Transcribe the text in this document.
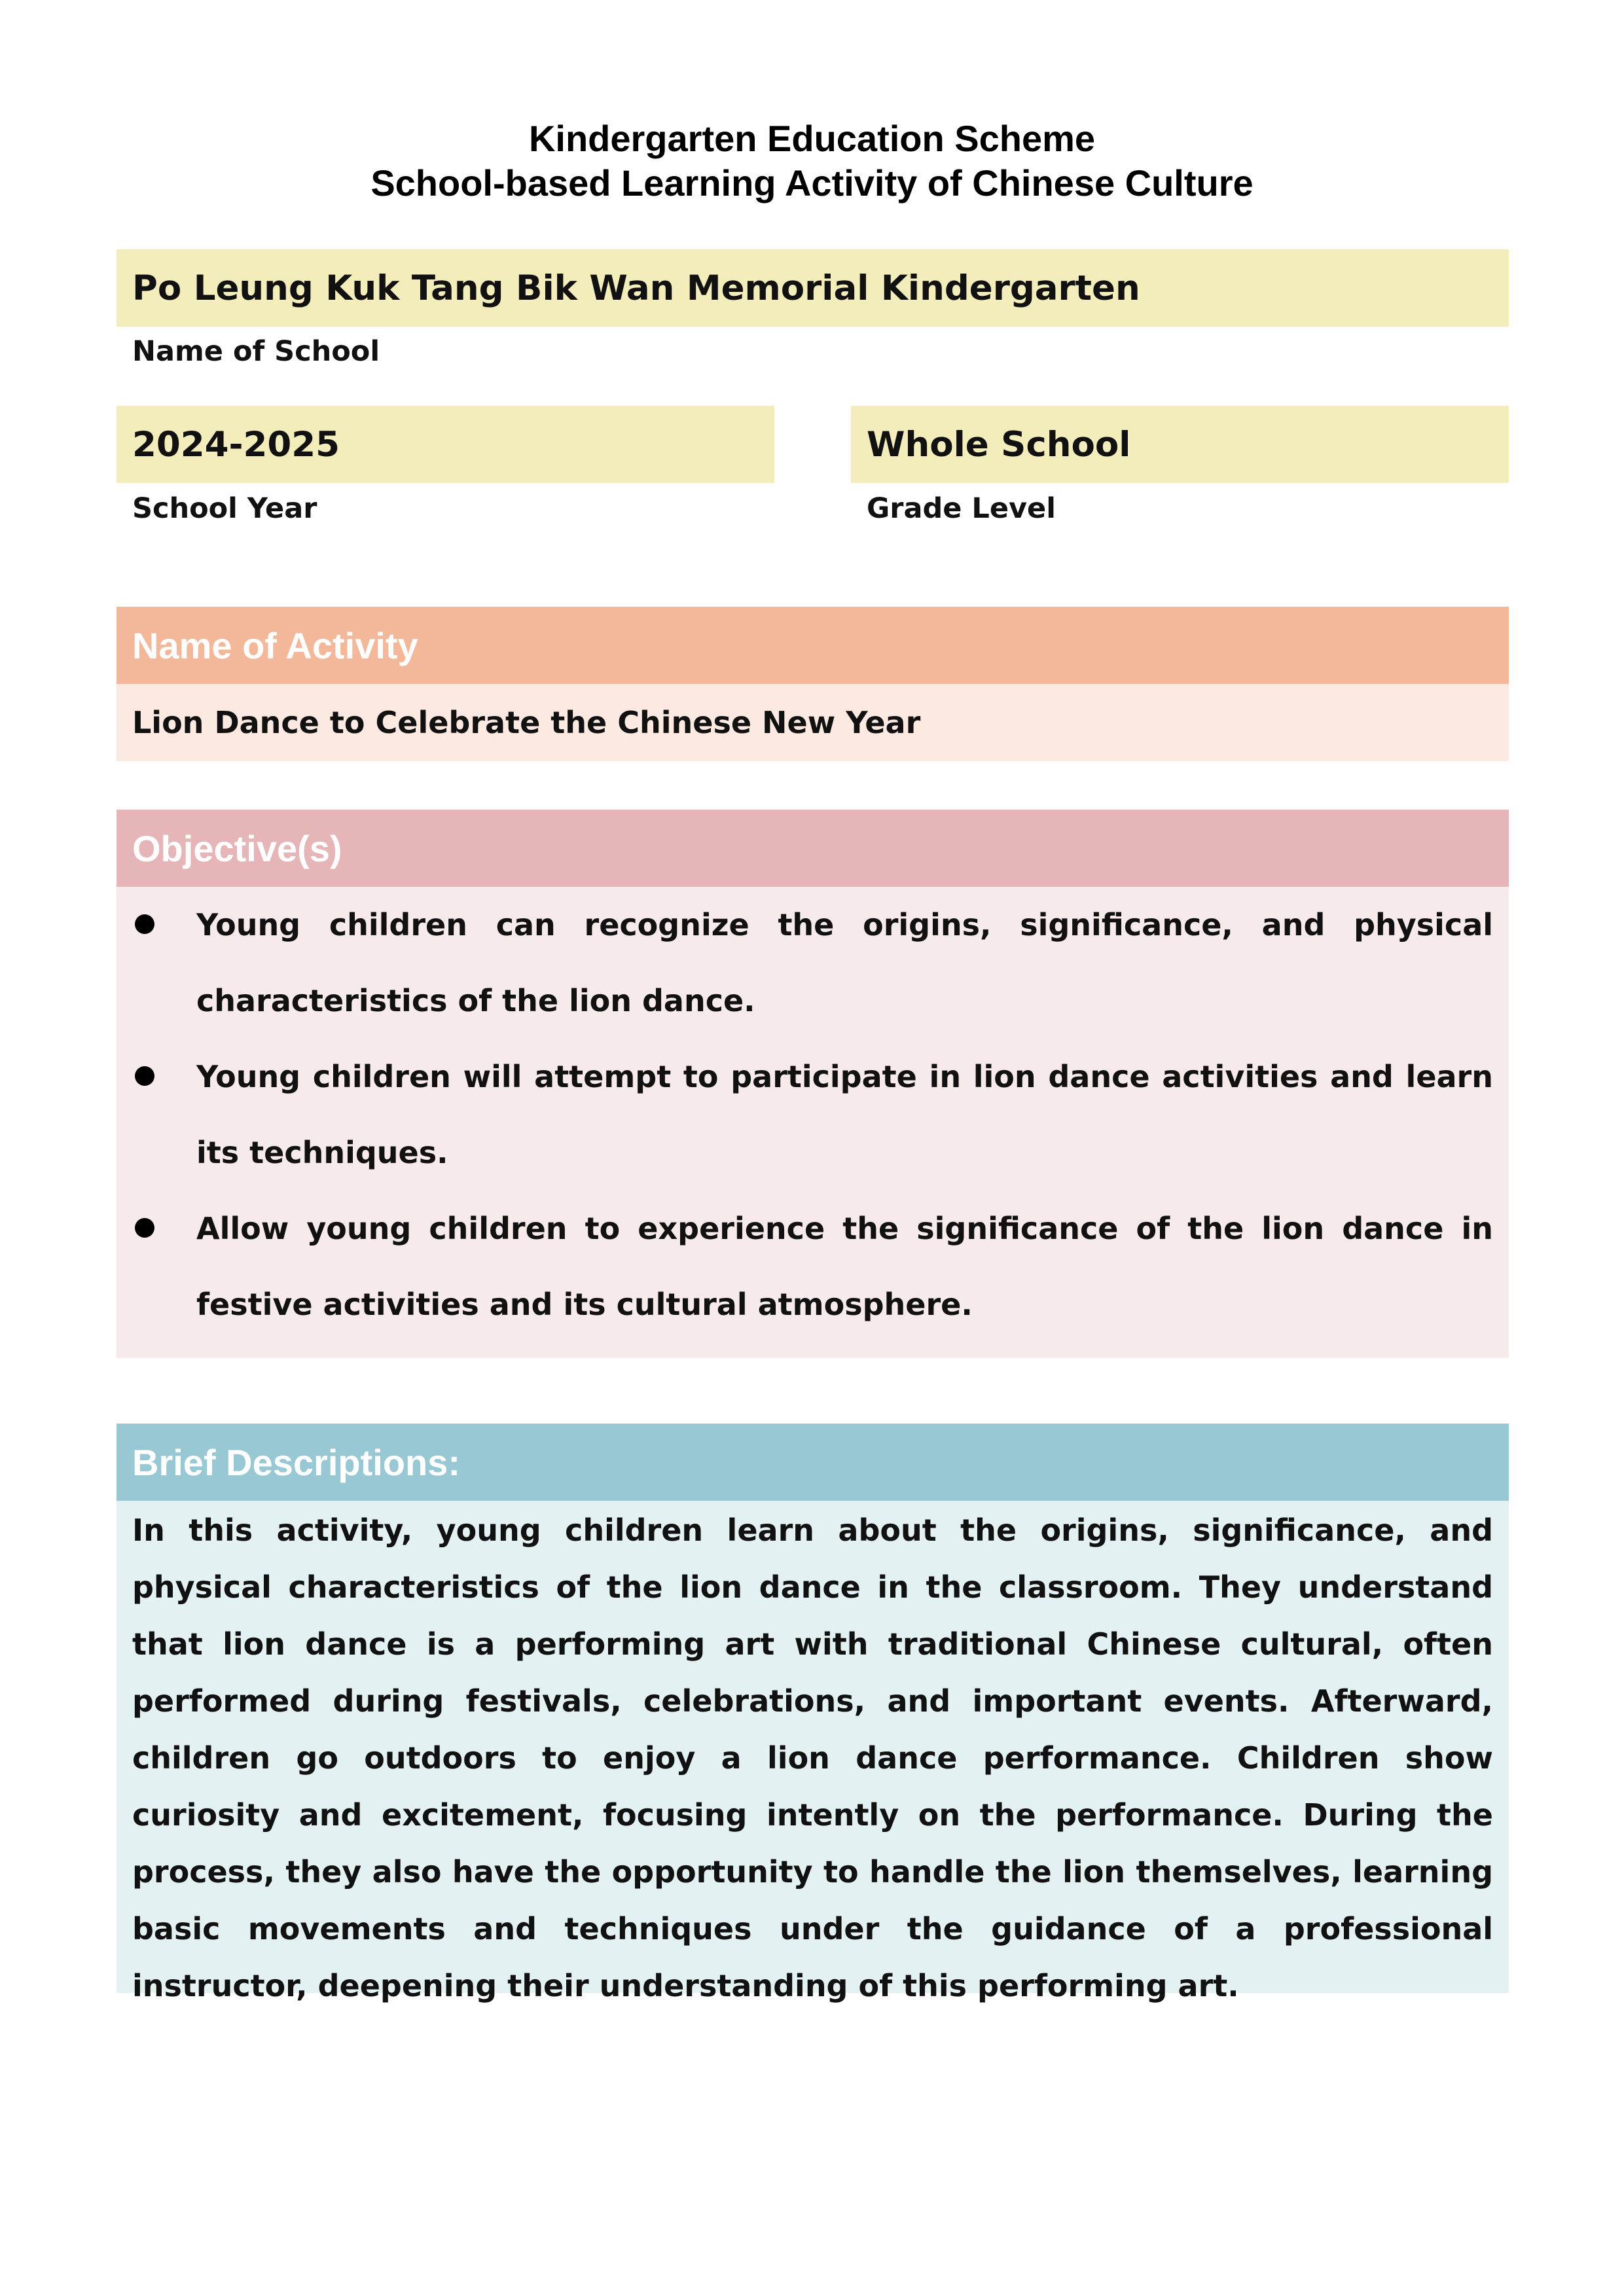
Kindergarten Education Scheme
School-based Learning Activity of Chinese Culture
Po Leung Kuk Tang Bik Wan Memorial Kindergarten
Name of School
2024-2025
School Year
Whole School
Grade Level
Name of Activity
Lion Dance to Celebrate the Chinese New Year
Objective(s)
Young children can recognize the origins, significance, and physical characteristics of the lion dance.
Young children will attempt to participate in lion dance activities and learn its techniques.
Allow young children to experience the significance of the lion dance in festive activities and its cultural atmosphere.
Brief Descriptions:

In this activity, young children learn about the origins, significance, and physical characteristics of the lion dance in the classroom. They understand that lion dance is a performing art with traditional Chinese cultural, often performed during festivals, celebrations, and important events. Afterward, children go outdoors to enjoy a lion dance performance. Children show curiosity and excitement, focusing intently on the performance. During the process, they also have the opportunity to handle the lion themselves, learning basic movements and techniques under the guidance of a professional instructor, deepening their understanding of this performing art.
